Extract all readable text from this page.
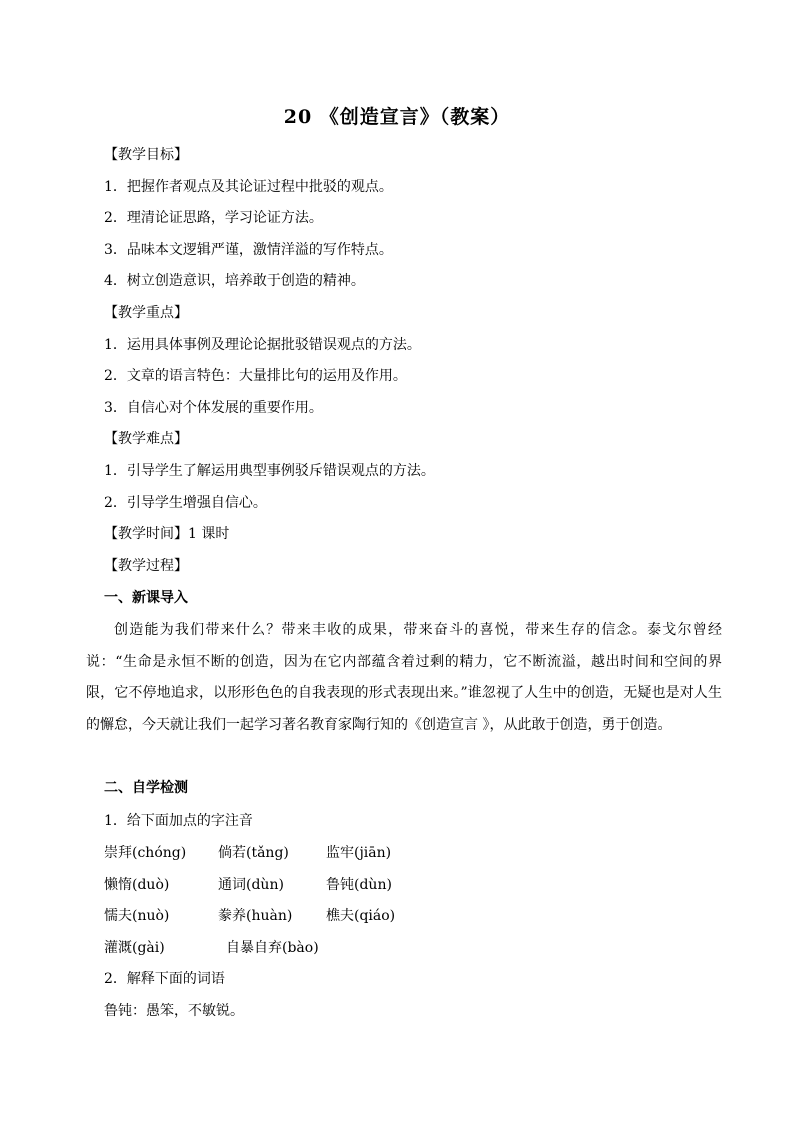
20 《创造宣言》（教案）
【教学目标】
1．把握作者观点及其论证过程中批驳的观点。
2．理清论证思路，学习论证方法。
3．品味本文逻辑严谨，激情洋溢的写作特点。
4．树立创造意识，培养敢于创造的精神。
【教学重点】
1．运用具体事例及理论论据批驳错误观点的方法。
2．文章的语言特色：大量排比句的运用及作用。
3．自信心对个体发展的重要作用。
【教学难点】
1．引导学生了解运用典型事例驳斥错误观点的方法。
2．引导学生增强自信心。
【教学时间】1 课时
【教学过程】
一、新课导入
创造能为我们带来什么？带来丰收的成果，带来奋斗的喜悦，带来生存的信念。泰戈尔曾经说：“生命是永恒不断的创造，因为在它内部蕴含着过剩的精力，它不断流溢，越出时间和空间的界限，它不停地追求，以形形色色的自我表现的形式表现出来。”谁忽视了人生中的创造，无疑也是对人生的懈怠，今天就让我们一起学习著名教育家陶行知的《创造宣言 》，从此敢于创造，勇于创造。
二、自学检测
1．给下面加点的字注音
崇拜(chóng) 倘若(tǎng)	监牢(jiān)
懒惰(duò)	通词(dùn)	鲁钝(dùn)
懦夫(nuò)	豢养(huàn) 樵夫(qiáo)
灌溉(gài)	自暴自弃(bào)
2．解释下面的词语
鲁钝：愚笨，不敏锐。
